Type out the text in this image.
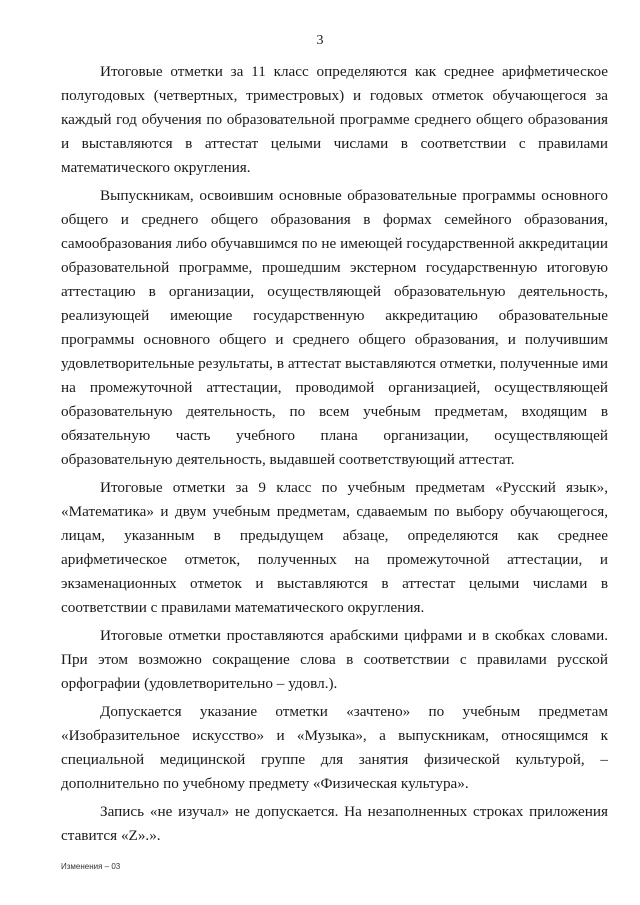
3

Итоговые отметки за 11 класс определяются как среднее арифметическое полугодовых (четвертных, триместровых) и годовых отметок обучающегося за каждый год обучения по образовательной программе среднего общего образования и выставляются в аттестат целыми числами в соответствии с правилами математического округления.

Выпускникам, освоившим основные образовательные программы основного общего и среднего общего образования в формах семейного образования, самообразования либо обучавшимся по не имеющей государственной аккредитации образовательной программе, прошедшим экстерном государственную итоговую аттестацию в организации, осуществляющей образовательную деятельность, реализующей имеющие государственную аккредитацию образовательные программы основного общего и среднего общего образования, и получившим удовлетворительные результаты, в аттестат выставляются отметки, полученные ими на промежуточной аттестации, проводимой организацией, осуществляющей образовательную деятельность, по всем учебным предметам, входящим в обязательную часть учебного плана организации, осуществляющей образовательную деятельность, выдавшей соответствующий аттестат.

Итоговые отметки за 9 класс по учебным предметам «Русский язык», «Математика» и двум учебным предметам, сдаваемым по выбору обучающегося, лицам, указанным в предыдущем абзаце, определяются как среднее арифметическое отметок, полученных на промежуточной аттестации, и экзаменационных отметок и выставляются в аттестат целыми числами в соответствии с правилами математического округления.

Итоговые отметки проставляются арабскими цифрами и в скобках словами. При этом возможно сокращение слова в соответствии с правилами русской орфографии (удовлетворительно – удовл.).

Допускается указание отметки «зачтено» по учебным предметам «Изобразительное искусство» и «Музыка», а выпускникам, относящимся к специальной медицинской группе для занятия физической культурой, – дополнительно по учебному предмету «Физическая культура».

Запись «не изучал» не допускается. На незаполненных строках приложения ставится «Z».».

Изменения – 03
